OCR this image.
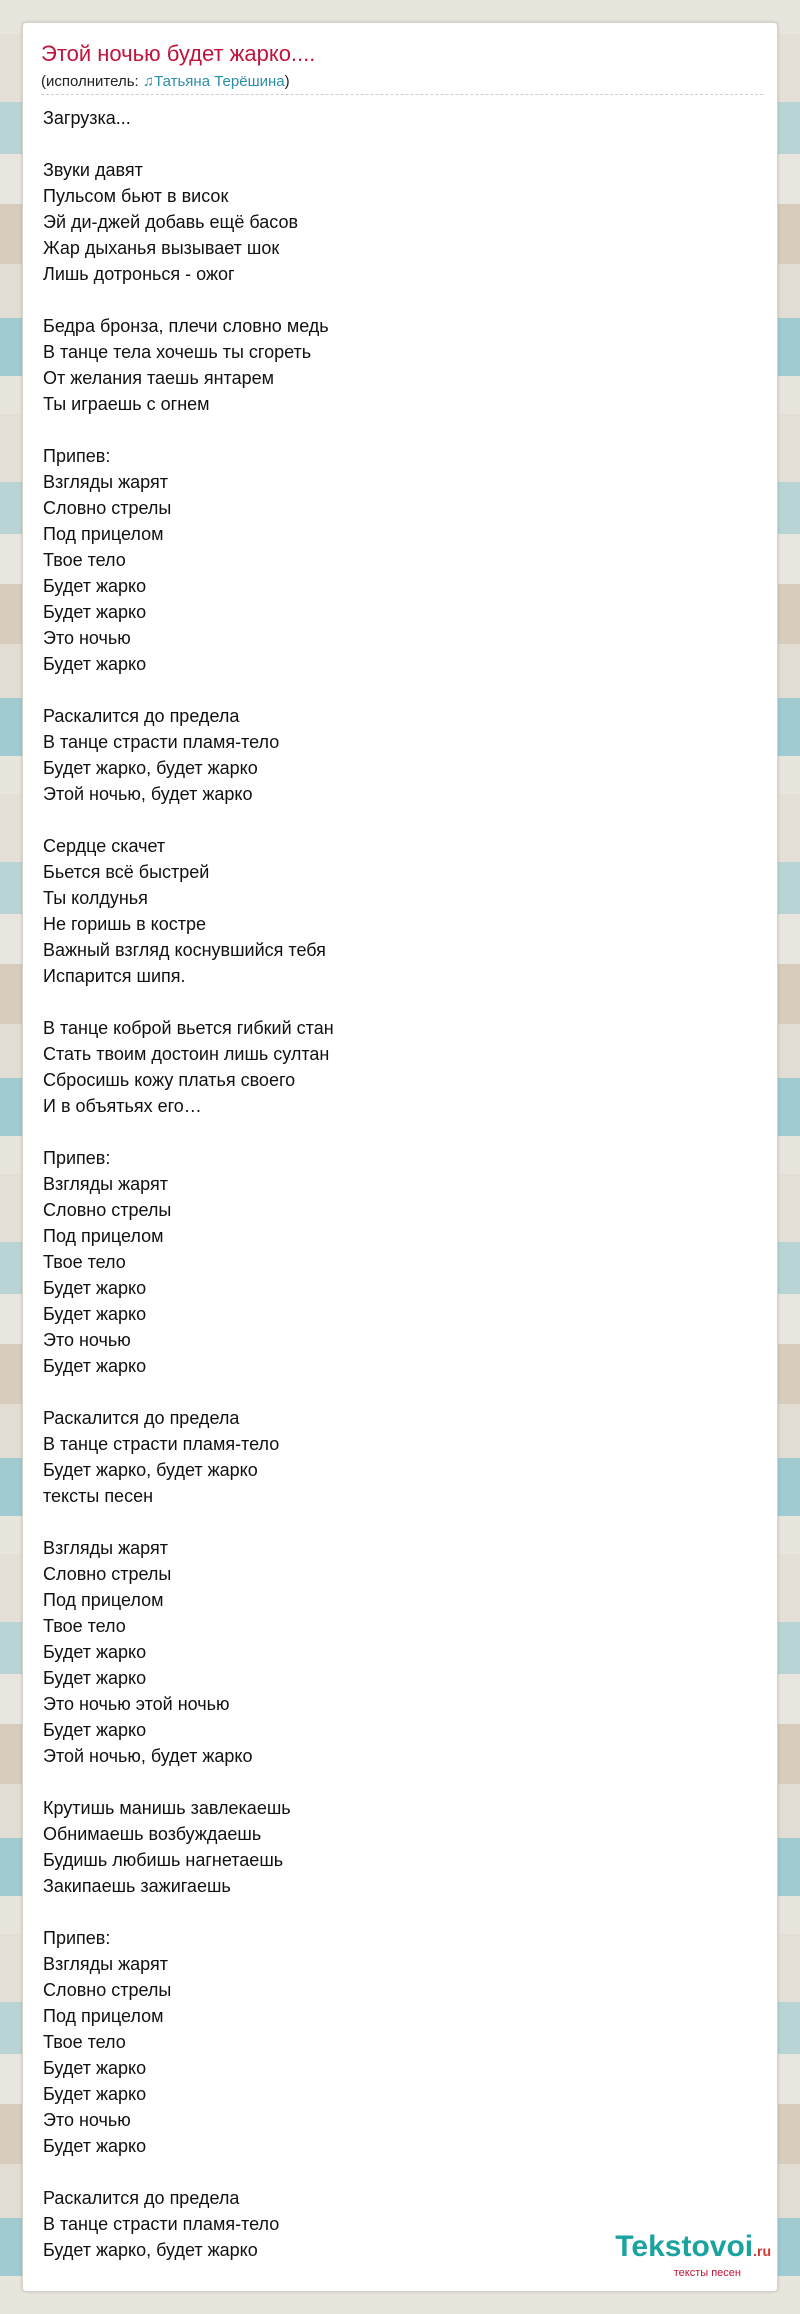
Этой ночью будет жарко....
(исполнитель: ♫Татьяна Терёшина)
Загрузка...
Звуки давят
Пульсом бьют в висок
Эй ди-джей добавь ещё басов
Жар дыханья вызывает шок
Лишь дотронься - ожог
Бедра бронза, плечи словно медь
В танце тела хочешь ты сгореть
От желания таешь янтарем
Ты играешь с огнем
Припев:
Взгляды жарят
Словно стрелы
Под прицелом
Твое тело
Будет жарко
Будет жарко
Это ночью
Будет жарко
Раскалится до предела
В танце страсти пламя-тело
Будет жарко, будет жарко
Этой ночью, будет жарко
Сердце скачет
Бьется всё быстрей
Ты колдунья
Не горишь в костре
Важный взгляд коснувшийся тебя
Испарится шипя.
В танце коброй вьется гибкий стан
Стать твоим достоин лишь султан
Сбросишь кожу платья своего
И в объятьях его…
Припев:
Взгляды жарят
Словно стрелы
Под прицелом
Твое тело
Будет жарко
Будет жарко
Это ночью
Будет жарко
Раскалится до предела
В танце страсти пламя-тело
Будет жарко, будет жарко
тексты песен
Взгляды жарят
Словно стрелы
Под прицелом
Твое тело
Будет жарко
Будет жарко
Это ночью этой ночью
Будет жарко
Этой ночью, будет жарко
Крутишь манишь завлекаешь
Обнимаешь возбуждаешь
Будишь любишь нагнетаешь
Закипаешь зажигаешь
Припев:
Взгляды жарят
Словно стрелы
Под прицелом
Твое тело
Будет жарко
Будет жарко
Это ночью
Будет жарко
Раскалится до предела
В танце страсти пламя-тело
Будет жарко, будет жарко	Tekstovoi.ru
тексты песен
